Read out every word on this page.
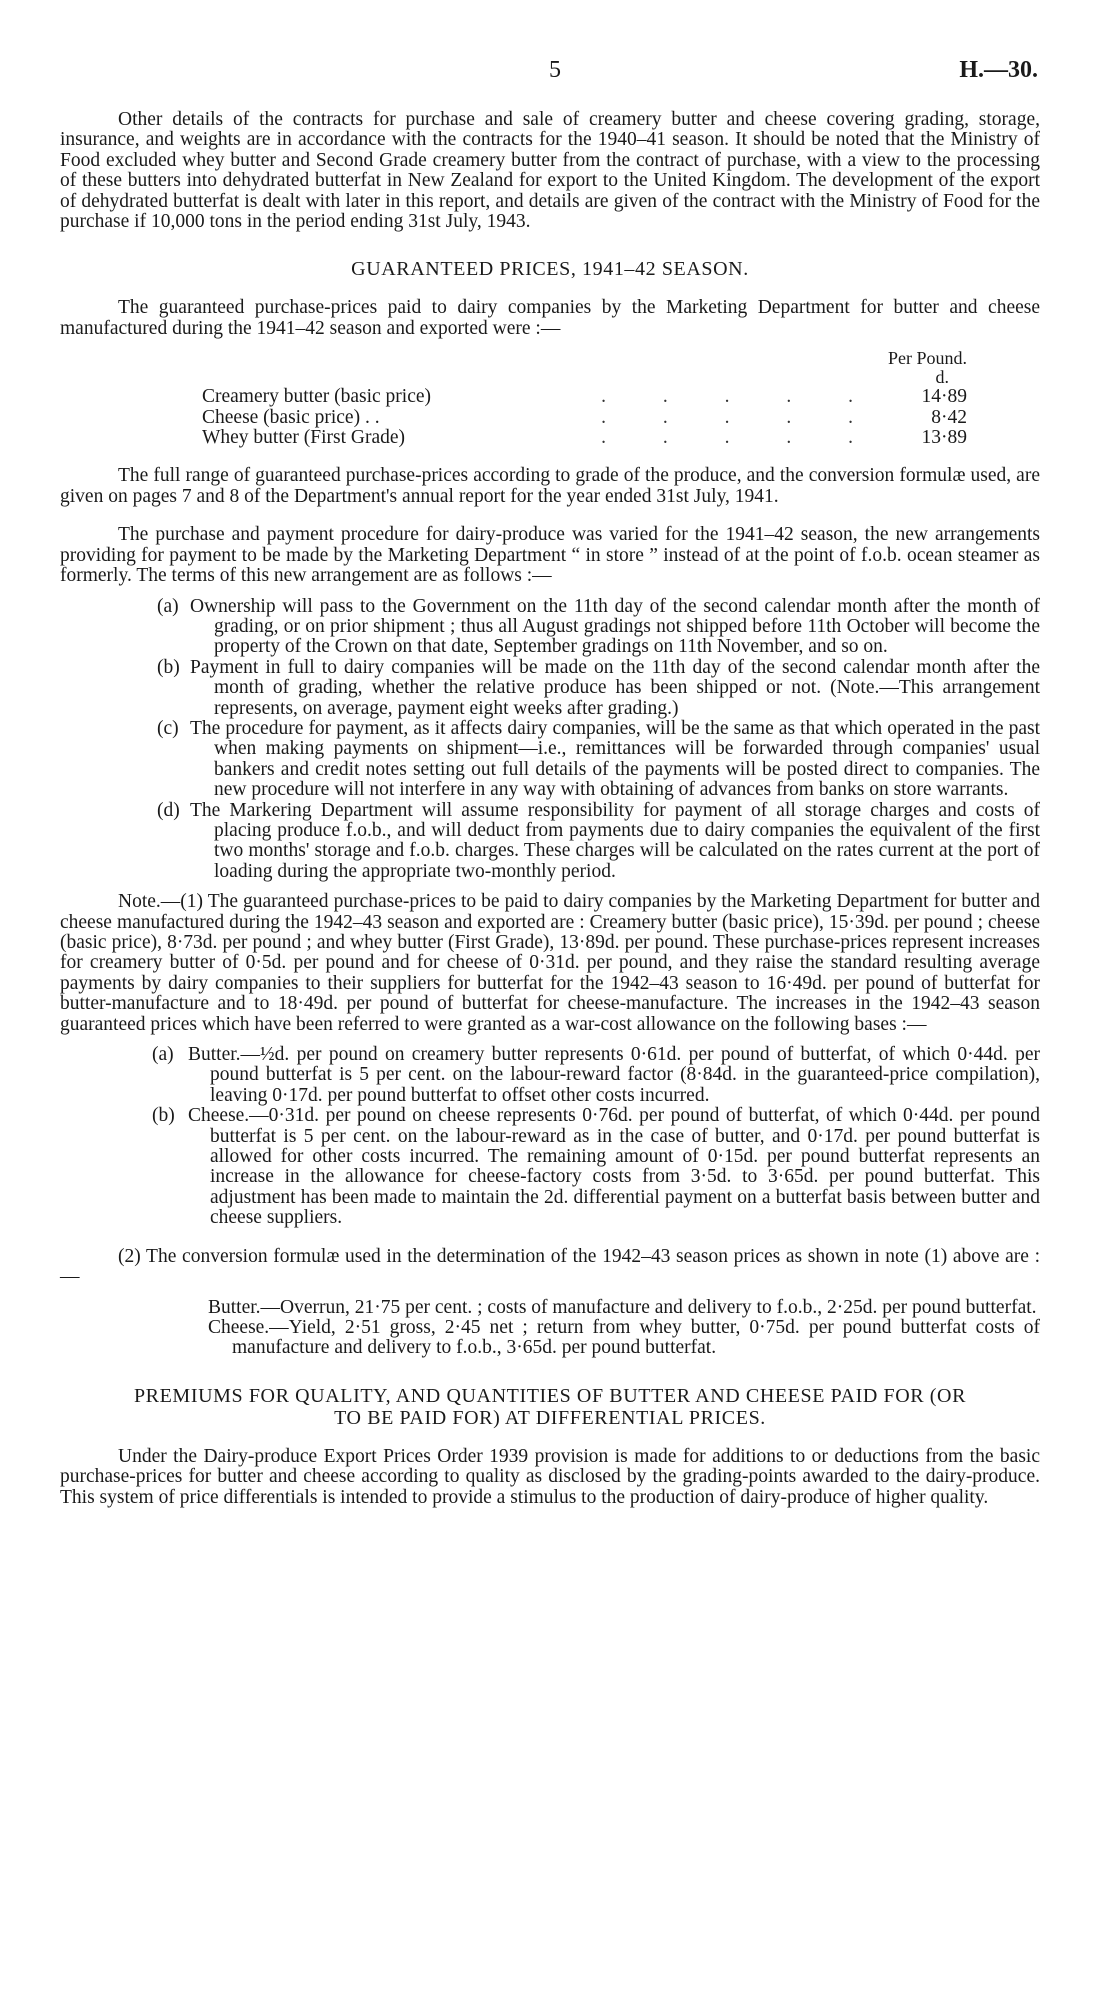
5	H.—30.

Other details of the contracts for purchase and sale of creamery butter and cheese covering grading, storage, insurance, and weights are in accordance with the contracts for the 1940–41 season. It should be noted that the Ministry of Food excluded whey butter and Second Grade creamery butter from the contract of purchase, with a view to the processing of these butters into dehydrated butterfat in New Zealand for export to the United Kingdom. The development of the export of dehydrated butterfat is dealt with later in this report, and details are given of the contract with the Ministry of Food for the purchase if 10,000 tons in the period ending 31st July, 1943.

GUARANTEED PRICES, 1941–42 SEASON.

The guaranteed purchase-prices paid to dairy companies by the Marketing Department for butter and cheese manufactured during the 1941–42 season and exported were :—

Per Pound.
d.
Creamery butter (basic price)	. . . . .	14·89
Cheese (basic price) . .	. . . . .	8·42
Whey butter (First Grade)	. . . . .	13·89

The full range of guaranteed purchase-prices according to grade of the produce, and the conversion formulæ used, are given on pages 7 and 8 of the Department's annual report for the year ended 31st July, 1941.

The purchase and payment procedure for dairy-produce was varied for the 1941–42 season, the new arrangements providing for payment to be made by the Marketing Department “ in store ” instead of at the point of f.o.b. ocean steamer as formerly. The terms of this new arrangement are as follows :—

(a) Ownership will pass to the Government on the 11th day of the second calendar month after the month of grading, or on prior shipment ; thus all August gradings not shipped before 11th October will become the property of the Crown on that date, September gradings on 11th November, and so on.
(b) Payment in full to dairy companies will be made on the 11th day of the second calendar month after the month of grading, whether the relative produce has been shipped or not. (Note.—This arrangement represents, on average, payment eight weeks after grading.)
(c) The procedure for payment, as it affects dairy companies, will be the same as that which operated in the past when making payments on shipment—i.e., remittances will be forwarded through companies' usual bankers and credit notes setting out full details of the payments will be posted direct to companies. The new procedure will not interfere in any way with obtaining of advances from banks on store warrants.
(d) The Markering Department will assume responsibility for payment of all storage charges and costs of placing produce f.o.b., and will deduct from payments due to dairy companies the equivalent of the first two months' storage and f.o.b. charges. These charges will be calculated on the rates current at the port of loading during the appropriate two-monthly period.

Note.—(1) The guaranteed purchase-prices to be paid to dairy companies by the Marketing Department for butter and cheese manufactured during the 1942–43 season and exported are : Creamery butter (basic price), 15·39d. per pound ; cheese (basic price), 8·73d. per pound ; and whey butter (First Grade), 13·89d. per pound. These purchase-prices represent increases for creamery butter of 0·5d. per pound and for cheese of 0·31d. per pound, and they raise the standard resulting average payments by dairy companies to their suppliers for butterfat for the 1942–43 season to 16·49d. per pound of butterfat for butter-manufacture and to 18·49d. per pound of butterfat for cheese-manufacture. The increases in the 1942–43 season guaranteed prices which have been referred to were granted as a war-cost allowance on the following bases :—

(a) Butter.—½d. per pound on creamery butter represents 0·61d. per pound of butterfat, of which 0·44d. per pound butterfat is 5 per cent. on the labour-reward factor (8·84d. in the guaranteed-price compilation), leaving 0·17d. per pound butterfat to offset other costs incurred.
(b) Cheese.—0·31d. per pound on cheese represents 0·76d. per pound of butterfat, of which 0·44d. per pound butterfat is 5 per cent. on the labour-reward as in the case of butter, and 0·17d. per pound butterfat is allowed for other costs incurred. The remaining amount of 0·15d. per pound butterfat represents an increase in the allowance for cheese-factory costs from 3·5d. to 3·65d. per pound butterfat. This adjustment has been made to maintain the 2d. differential payment on a butterfat basis between butter and cheese suppliers.

(2) The conversion formulæ used in the determination of the 1942–43 season prices as shown in note (1) above are :—

Butter.—Overrun, 21·75 per cent. ; costs of manufacture and delivery to f.o.b., 2·25d. per pound butterfat.
Cheese.—Yield, 2·51 gross, 2·45 net ; return from whey butter, 0·75d. per pound butterfat costs of manufacture and delivery to f.o.b., 3·65d. per pound butterfat.
PREMIUMS FOR QUALITY, AND QUANTITIES OF BUTTER AND CHEESE PAID FOR (OR
TO BE PAID FOR) AT DIFFERENTIAL PRICES.

Under the Dairy-produce Export Prices Order 1939 provision is made for additions to or deductions from the basic purchase-prices for butter and cheese according to quality as disclosed by the grading-points awarded to the dairy-produce. This system of price differentials is intended to provide a stimulus to the production of dairy-produce of higher quality.
